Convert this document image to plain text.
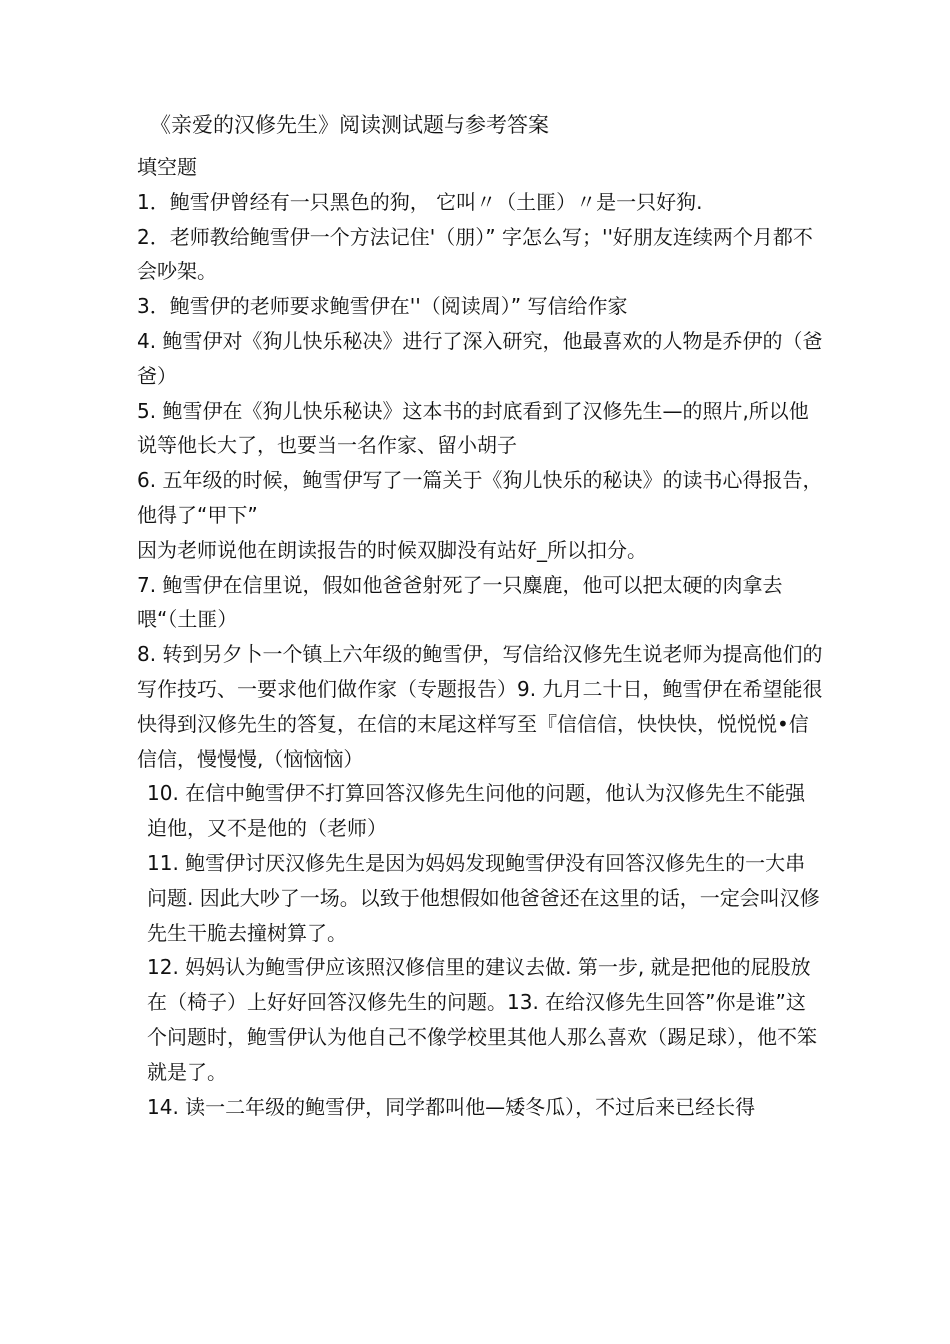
《亲爱的汉修先生》阅读测试题与参考答案

填空题

1．鲍雪伊曾经有一只黑色的狗， 它叫〃（土匪）〃是一只好狗.

2．老师教给鲍雪伊一个方法记住'（朋）” 字怎么写；''好朋友连续两个月都不会吵架。

3．鲍雪伊的老师要求鲍雪伊在''（阅读周）” 写信给作家

4. 鲍雪伊对《狗儿快乐秘决》进行了深入研究，他最喜欢的人物是乔伊的（爸爸）

5. 鲍雪伊在《狗儿快乐秘诀》这本书的封底看到了汉修先生—的照片,所以他说等他长大了，也要当一名作家、留小胡子

6. 五年级的时候，鲍雪伊写了一篇关于《狗儿快乐的秘诀》的读书心得报告，他得了“甲下”

因为老师说他在朗读报告的时候双脚没有站好_所以扣分。

7. 鲍雪伊在信里说，假如他爸爸射死了一只麋鹿，他可以把太硬的肉拿去喂“（土匪）

8. 转到另夕卜一个镇上六年级的鲍雪伊，写信给汉修先生说老师为提高他们的写作技巧、一要求他们做作家（专题报告）9. 九月二十日，鲍雪伊在希望能很快得到汉修先生的答复，在信的末尾这样写至『信信信，快快快，悦悦悦•信信信，慢慢慢,（恼恼恼）

10. 在信中鲍雪伊不打算回答汉修先生问他的问题，他认为汉修先生不能强迫他，又不是他的（老师）

11. 鲍雪伊讨厌汉修先生是因为妈妈发现鲍雪伊没有回答汉修先生的一大串问题. 因此大吵了一场。以致于他想假如他爸爸还在这里的话，一定会叫汉修先生干脆去撞树算了。

12. 妈妈认为鲍雪伊应该照汉修信里的建议去做. 第一步, 就是把他的屁股放在（椅子）上好好回答汉修先生的问题。13. 在给汉修先生回答”你是谁”这个问题时，鲍雪伊认为他自己不像学校里其他人那么喜欢（踢足球），他不笨就是了。

14. 读一二年级的鲍雪伊，同学都叫他—矮冬瓜），不过后来已经长得
